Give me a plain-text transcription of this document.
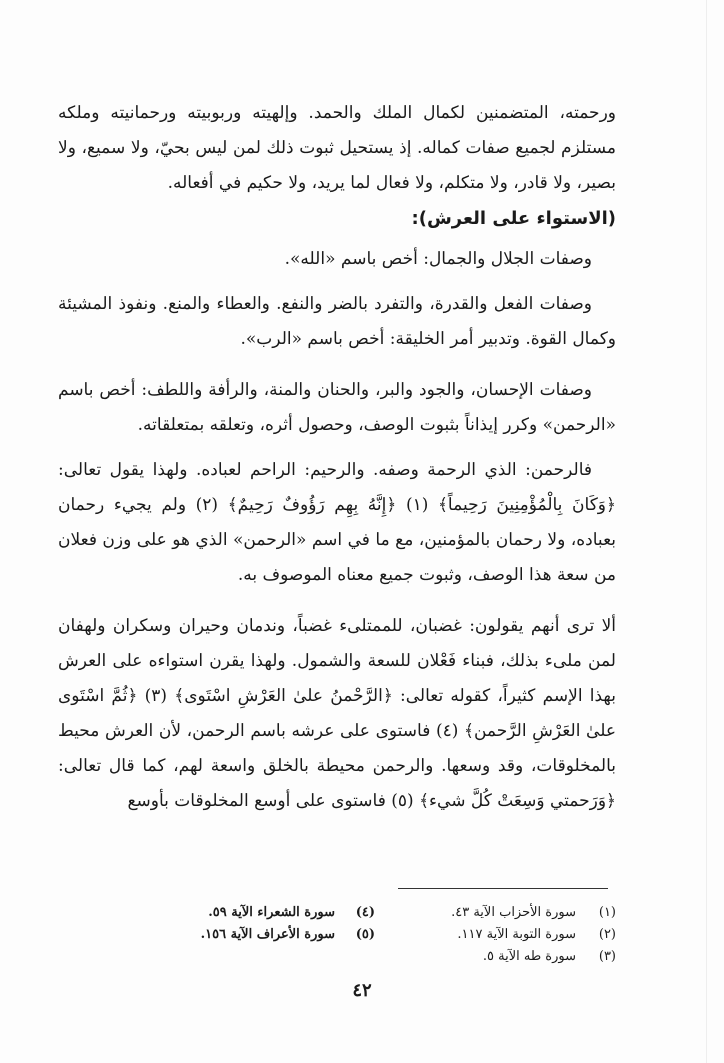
ورحمته، المتضمنين لكمال الملك والحمد. وإلهيته وربوبيته ورحمانيته وملكه مستلزم لجميع صفات كماله. إذ يستحيل ثبوت ذلك لمن ليس بحيّ، ولا سميع، ولا بصير، ولا قادر، ولا متكلم، ولا فعال لما يريد، ولا حكيم في أفعاله.

(الاستواء على العرش):

وصفات الجلال والجمال: أخص باسم «الله».

وصفات الفعل والقدرة، والتفرد بالضر والنفع. والعطاء والمنع. ونفوذ المشيئة وكمال القوة. وتدبير أمر الخليقة: أخص باسم «الرب».

وصفات الإحسان، والجود والبر، والحنان والمنة، والرأفة واللطف: أخص باسم «الرحمن» وكرر إيذاناً بثبوت الوصف، وحصول أثره، وتعلقه بمتعلقاته.

فالرحمن: الذي الرحمة وصفه. والرحيم: الراحم لعباده. ولهذا يقول تعالى: ﴿وَكَانَ بِالْمُؤْمِنِينَ رَحِيماً﴾ (١) ﴿إِنَّهُ بِهِم رَؤُوفٌ رَحِيمٌ﴾ (٢) ولم يجيء رحمان بعباده، ولا رحمان بالمؤمنين، مع ما في اسم «الرحمن» الذي هو على وزن فعلان من سعة هذا الوصف، وثبوت جميع معناه الموصوف به.

ألا ترى أنهم يقولون: غضبان، للممتلىء غضباً، وندمان وحيران وسكران ولهفان لمن ملىء بذلك، فبناء فَعْلان للسعة والشمول. ولهذا يقرن استواءه على العرش بهذا الإسم كثيراً، كقوله تعالى: ﴿الرَّحْمنُ علىٰ العَرْشِ اسْتَوى﴾ (٣) ﴿ثُمَّ اسْتَوى علىٰ العَرْشِ الرَّحمن﴾ (٤) فاستوى على عرشه باسم الرحمن، لأن العرش محيط بالمخلوقات، وقد وسعها. والرحمن محيطة بالخلق واسعة لهم، كما قال تعالى: ﴿وَرَحمتي وَسِعَتْ كُلَّ شيء﴾ (٥) فاستوى على أوسع المخلوقات بأوسع

(١)
سورة الأحزاب الآية ٤٣.
(٢)
سورة التوبة الآية ١١٧.
(٣)
سورة طه الآية ٥.
(٤)
سورة الشعراء الآية ٥٩.
(٥)
سورة الأعراف الآية ١٥٦.
٤٢
